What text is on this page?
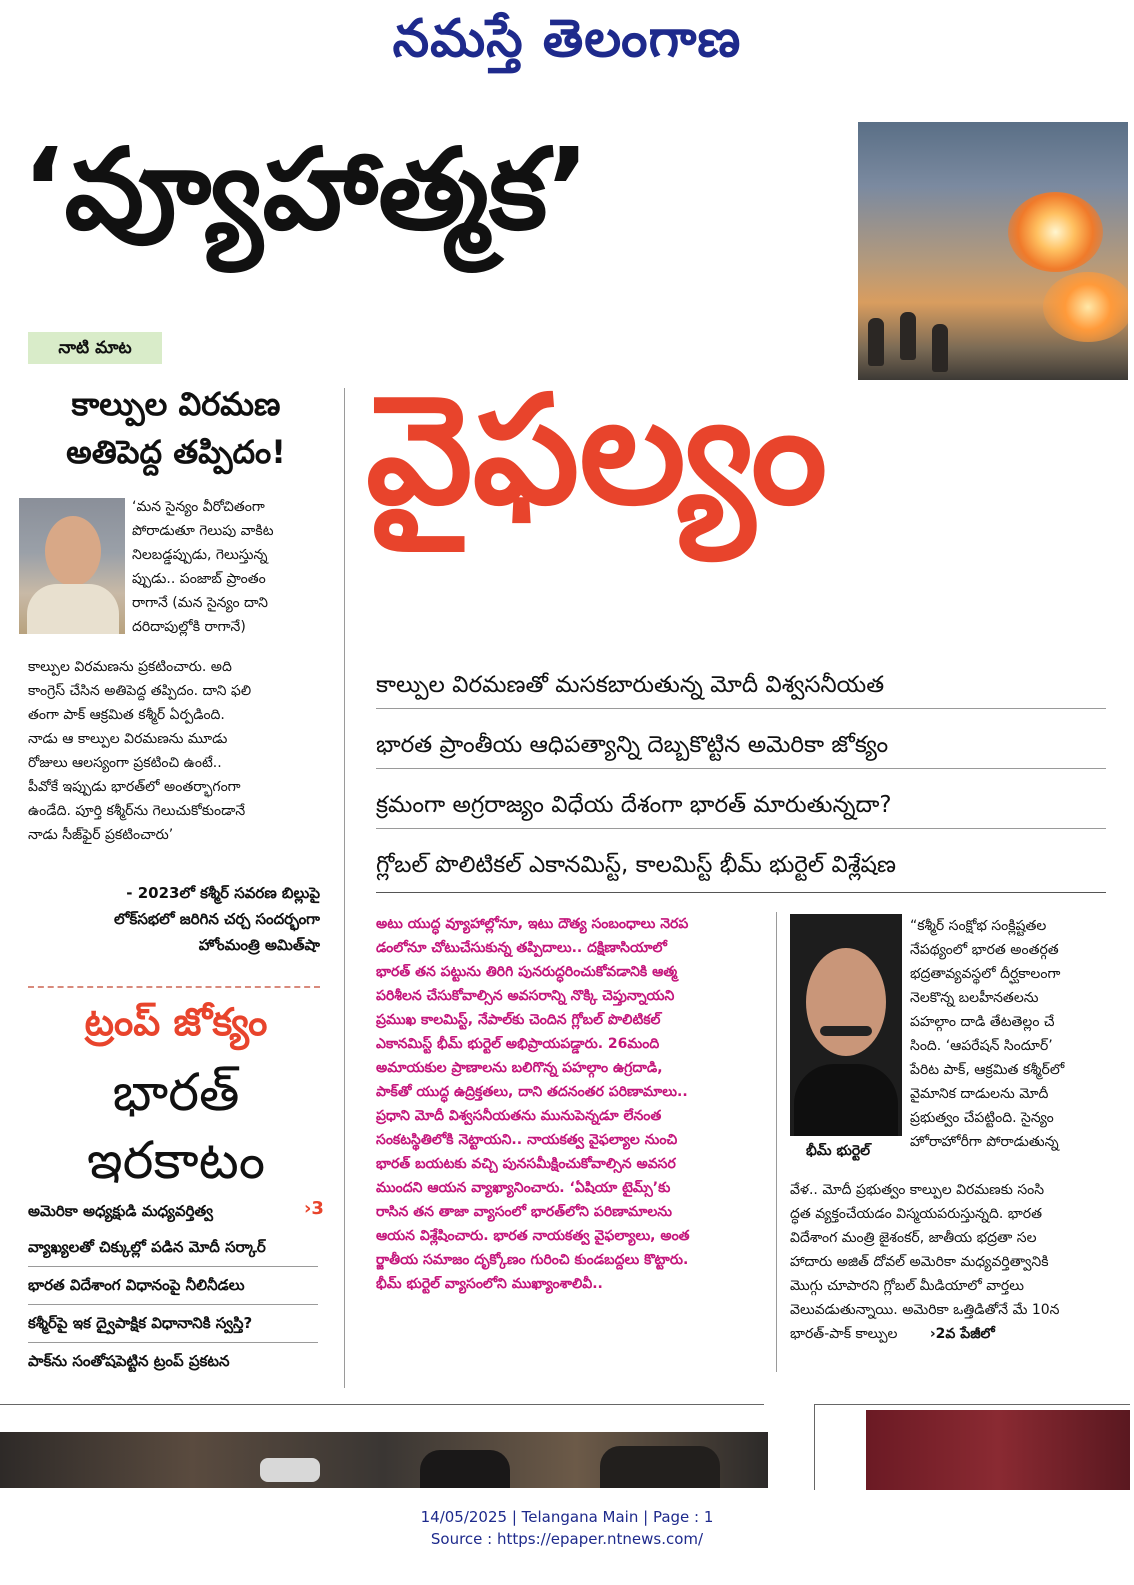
నమస్తే తెలంగాణ
‘వ్యూహాత్మక’
నాటి మాట
కాల్పుల విరమణ
అతిపెద్ద తప్పిదం!
‘మన సైన్యం వీరోచితంగా
పోరాడుతూ గెలుపు వాకిట
నిలబడ్డప్పుడు, గెలుస్తున్న
ప్పుడు.. పంజాబ్ ప్రాంతం
రాగానే (మన సైన్యం దాని
దరిదాపుల్లోకి రాగానే)
కాల్పుల విరమణను ప్రకటించారు. అది
కాంగ్రెస్ చేసిన అతిపెద్ద తప్పిదం. దాని ఫలి
తంగా పాక్ ఆక్రమిత కశ్మీర్ ఏర్పడింది.
నాడు ఆ కాల్పుల విరమణను మూడు
రోజులు ఆలస్యంగా ప్రకటించి ఉంటే..
పీవోకే ఇప్పుడు భారత్‌లో అంతర్భాగంగా
ఉండేది. పూర్తి కశ్మీర్‌ను గెలుచుకోకుండానే
నాడు సీజ్‌ఫైర్ ప్రకటించారు’
- 2023లో కశ్మీర్ సవరణ బిల్లుపై
లోక్‌సభలో జరిగిన చర్చ సందర్భంగా
హోంమంత్రి అమిత్‌షా
ట్రంప్ జోక్యం
భారత్
ఇరకాటం
అమెరికా అధ్యక్షుడి మధ్యవర్తిత్వ	›3
వ్యాఖ్యలతో చిక్కుల్లో పడిన మోదీ సర్కార్
భారత విదేశాంగ విధానంపై నీలినీడలు
కశ్మీర్‌పై ఇక ద్వైపాక్షిక విధానానికి స్వస్తి?
పాక్‌ను సంతోషపెట్టిన ట్రంప్ ప్రకటన
వైఫల్యం
కాల్పుల విరమణతో మసకబారుతున్న మోదీ విశ్వసనీయత
భారత ప్రాంతీయ ఆధిపత్యాన్ని దెబ్బకొట్టిన అమెరికా జోక్యం
క్రమంగా అగ్రరాజ్యం విధేయ దేశంగా భారత్ మారుతున్నదా?
గ్లోబల్ పొలిటికల్ ఎకానమిస్ట్, కాలమిస్ట్ భీమ్ భుర్టెల్ విశ్లేషణ
అటు యుద్ధ వ్యూహాల్లోనూ, ఇటు దౌత్య సంబంధాలు నెరప
డంలోనూ చోటుచేసుకున్న తప్పిదాలు.. దక్షిణాసియాలో
భారత్ తన పట్టును తిరిగి పునరుద్ధరించుకోవడానికి ఆత్మ
పరిశీలన చేసుకోవాల్సిన అవసరాన్ని నొక్కి చెప్తున్నాయని
ప్రముఖ కాలమిస్ట్, నేపాల్‌కు చెందిన గ్లోబల్ పొలిటికల్
ఎకానమిస్ట్ భీమ్ భుర్టెల్ అభిప్రాయపడ్డారు. 26మంది
అమాయకుల ప్రాణాలను బలిగొన్న పహల్గాం ఉగ్రదాడి,
పాక్‌తో యుద్ధ ఉద్రిక్తతలు, దాని తదనంతర పరిణామాలు..
ప్రధాని మోదీ విశ్వసనీయతను మునుపెన్నడూ లేనంత
సంకటస్థితిలోకి నెట్టాయని.. నాయకత్వ వైఫల్యాల నుంచి
భారత్ బయటకు వచ్చి పునసమీక్షించుకోవాల్సిన అవసర
ముందని ఆయన వ్యాఖ్యానించారు. ‘ఏషియా టైమ్స్’కు
రాసిన తన తాజా వ్యాసంలో భారత్‌లోని పరిణామాలను
ఆయన విశ్లేషించారు. భారత నాయకత్వ వైఫల్యాలు, అంత
ర్జాతీయ సమాజం దృక్కోణం గురించి కుండబద్దలు కొట్టారు.
భీమ్ భుర్టెల్ వ్యాసంలోని ముఖ్యాంశాలివీ..
భీమ్ భుర్టెల్
“కశ్మీర్ సంక్షోభ సంక్లిష్టతల
నేపథ్యంలో భారత అంతర్గత
భద్రతావ్యవస్థలో దీర్ఘకాలంగా
నెలకొన్న బలహీనతలను
పహల్గాం దాడి తేటతెల్లం చే
సింది. ‘ఆపరేషన్ సిందూర్’
పేరిట పాక్, ఆక్రమిత కశ్మీర్‌లో
వైమానిక దాడులను మోదీ
ప్రభుత్వం చేపట్టింది. సైన్యం
హోరాహోరీగా పోరాడుతున్న
వేళ.. మోదీ ప్రభుత్వం కాల్పుల విరమణకు సంసి
ద్ధత వ్యక్తంచేయడం విస్మయపరుస్తున్నది. భారత
విదేశాంగ మంత్రి జైశంకర్, జాతీయ భద్రతా సల
హాదారు అజిత్ దోవల్ అమెరికా మధ్యవర్తిత్వానికి
మొగ్గు చూపారని గ్లోబల్ మీడియాలో వార్తలు
వెలువడుతున్నాయి. అమెరికా ఒత్తిడితోనే మే 10న
భారత్-పాక్ కాల్పుల ›2వ పేజీలో
14/05/2025 | Telangana Main | Page : 1
Source : https://epaper.ntnews.com/
